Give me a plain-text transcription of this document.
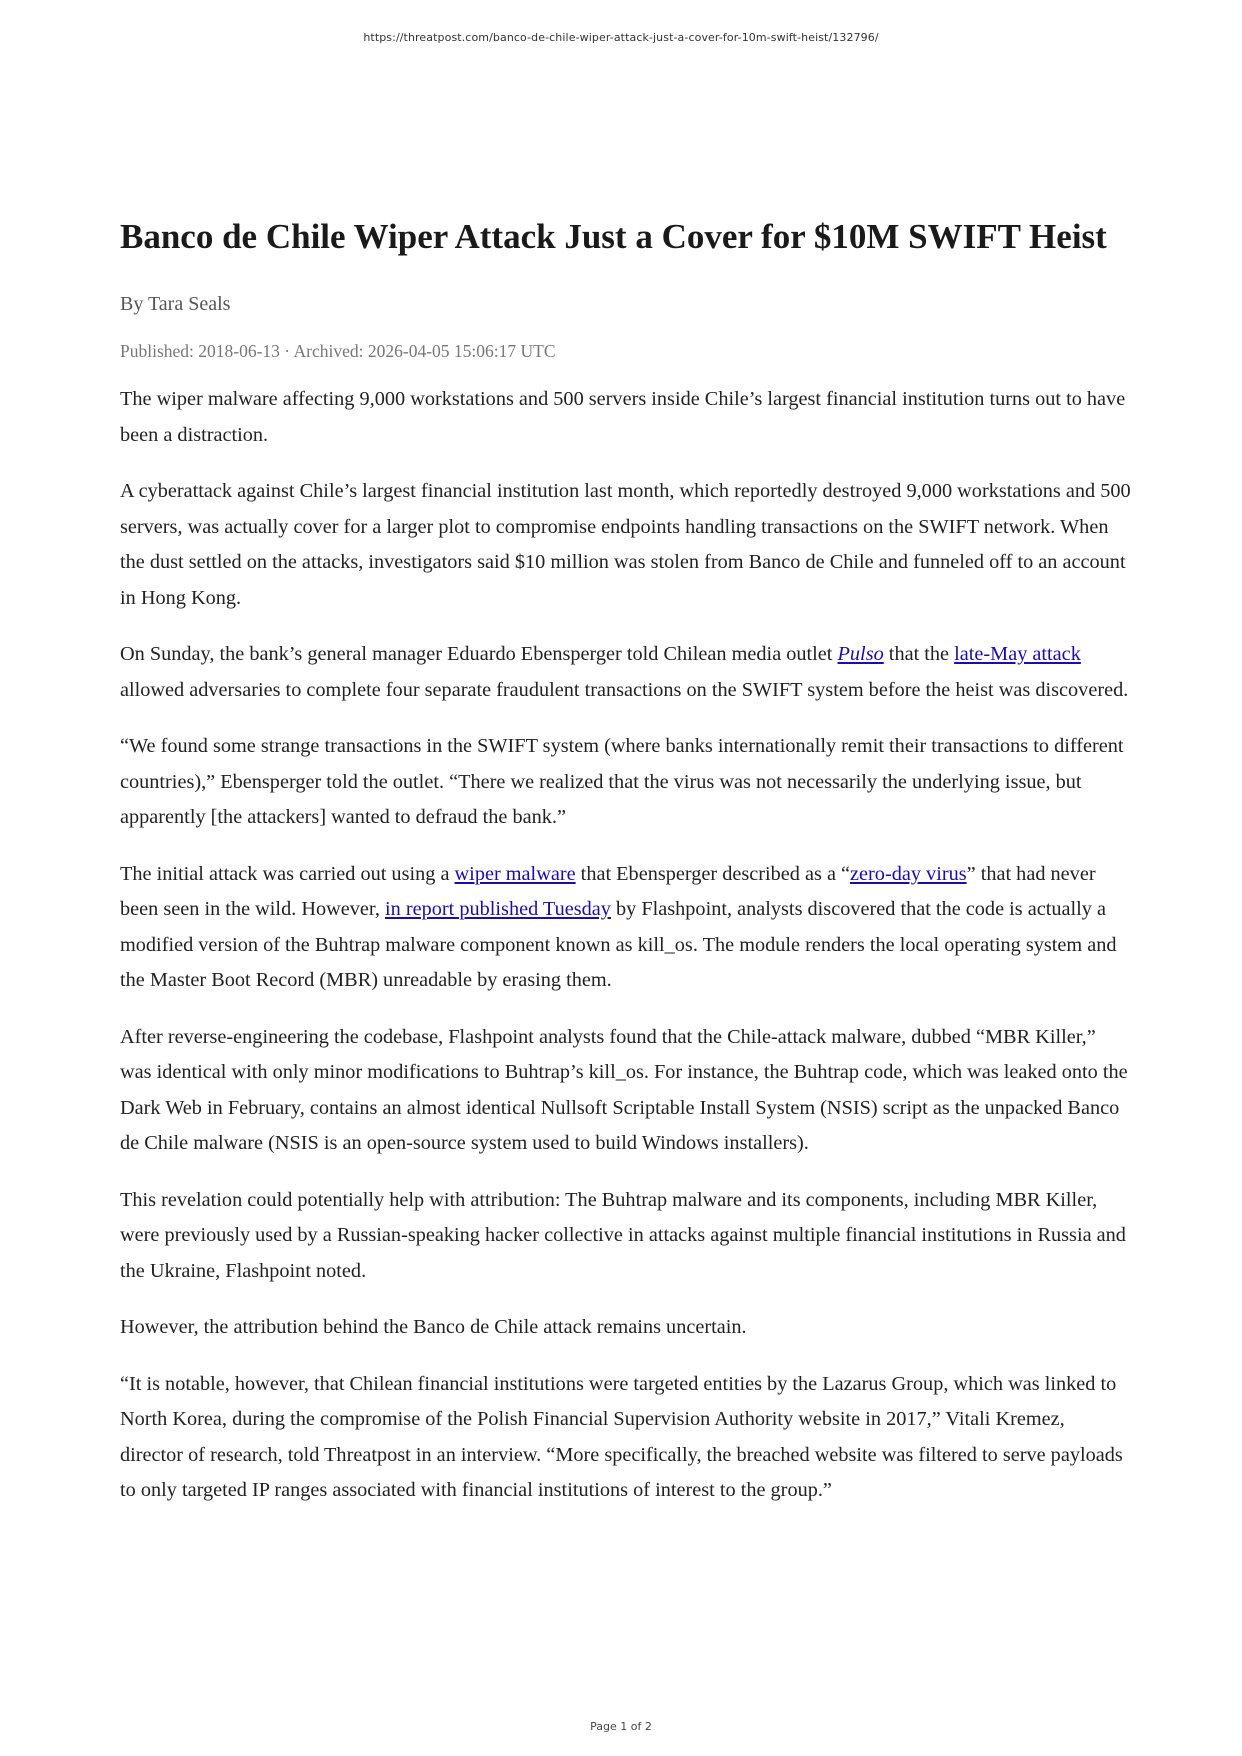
https://threatpost.com/banco-de-chile-wiper-attack-just-a-cover-for-10m-swift-heist/132796/
Banco de Chile Wiper Attack Just a Cover for $10M SWIFT Heist
By Tara Seals
Published: 2018-06-13 · Archived: 2026-04-05 15:06:17 UTC

The wiper malware affecting 9,000 workstations and 500 servers inside Chile’s largest financial institution turns out to have been a distraction.

A cyberattack against Chile’s largest financial institution last month, which reportedly destroyed 9,000 workstations and 500 servers, was actually cover for a larger plot to compromise endpoints handling transactions on the SWIFT network. When the dust settled on the attacks, investigators said $10 million was stolen from Banco de Chile and funneled off to an account in Hong Kong.

On Sunday, the bank’s general manager Eduardo Ebensperger told Chilean media outlet Pulso that the late-May attack allowed adversaries to complete four separate fraudulent transactions on the SWIFT system before the heist was discovered.

“We found some strange transactions in the SWIFT system (where banks internationally remit their transactions to different countries),” Ebensperger told the outlet. “There we realized that the virus was not necessarily the underlying issue, but apparently [the attackers] wanted to defraud the bank.”

The initial attack was carried out using a wiper malware that Ebensperger described as a “zero-day virus” that had never been seen in the wild. However, in report published Tuesday by Flashpoint, analysts discovered that the code is actually a modified version of the Buhtrap malware component known as kill_os. The module renders the local operating system and the Master Boot Record (MBR) unreadable by erasing them.

After reverse-engineering the codebase, Flashpoint analysts found that the Chile-attack malware, dubbed “MBR Killer,” was identical with only minor modifications to Buhtrap’s kill_os. For instance, the Buhtrap code, which was leaked onto the Dark Web in February, contains an almost identical Nullsoft Scriptable Install System (NSIS) script as the unpacked Banco de Chile malware (NSIS is an open-source system used to build Windows installers).

This revelation could potentially help with attribution: The Buhtrap malware and its components, including MBR Killer, were previously used by a Russian-speaking hacker collective in attacks against multiple financial institutions in Russia and the Ukraine, Flashpoint noted.

However, the attribution behind the Banco de Chile attack remains uncertain.

“It is notable, however, that Chilean financial institutions were targeted entities by the Lazarus Group, which was linked to North Korea, during the compromise of the Polish Financial Supervision Authority website in 2017,” Vitali Kremez, director of research, told Threatpost in an interview. “More specifically, the breached website was filtered to serve payloads to only targeted IP ranges associated with financial institutions of interest to the group.”

Page 1 of 2
